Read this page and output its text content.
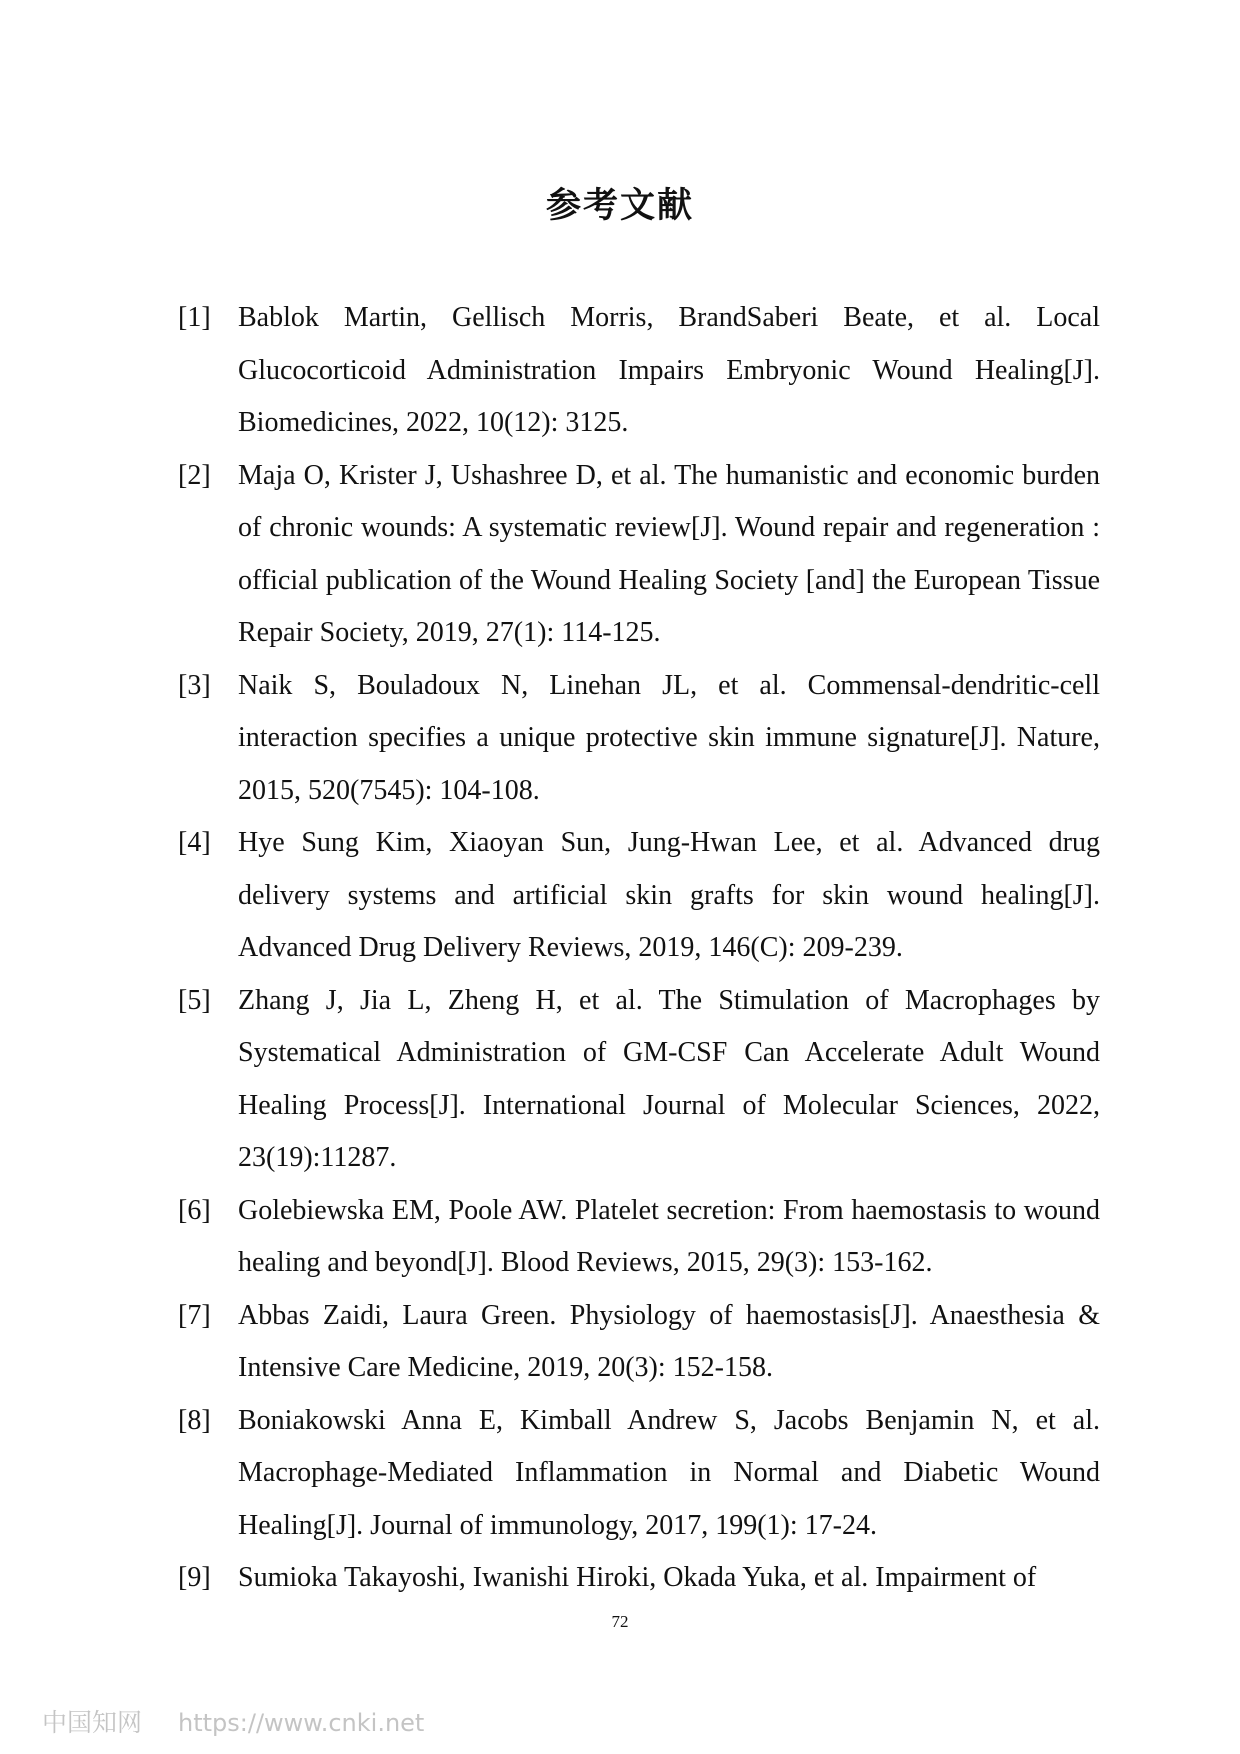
参考文献
[1] Bablok Martin, Gellisch Morris, BrandSaberi Beate, et al. Local Glucocorticoid Administration Impairs Embryonic Wound Healing[J]. Biomedicines, 2022, 10(12): 3125.
[2] Maja O, Krister J, Ushashree D, et al. The humanistic and economic burden of chronic wounds: A systematic review[J]. Wound repair and regeneration : official publication of the Wound Healing Society [and] the European Tissue Repair Society, 2019, 27(1): 114-125.
[3] Naik S, Bouladoux N, Linehan JL, et al. Commensal-dendritic-cell interaction specifies a unique protective skin immune signature[J]. Nature, 2015, 520(7545): 104-108.
[4] Hye Sung Kim, Xiaoyan Sun, Jung-Hwan Lee, et al. Advanced drug delivery systems and artificial skin grafts for skin wound healing[J]. Advanced Drug Delivery Reviews, 2019, 146(C): 209-239.
[5] Zhang J, Jia L, Zheng H, et al. The Stimulation of Macrophages by Systematical Administration of GM-CSF Can Accelerate Adult Wound Healing Process[J]. International Journal of Molecular Sciences, 2022, 23(19):11287.
[6] Golebiewska EM, Poole AW. Platelet secretion: From haemostasis to wound healing and beyond[J]. Blood Reviews, 2015, 29(3): 153-162.
[7] Abbas Zaidi, Laura Green. Physiology of haemostasis[J]. Anaesthesia & Intensive Care Medicine, 2019, 20(3): 152-158.
[8] Boniakowski Anna E, Kimball Andrew S, Jacobs Benjamin N, et al. Macrophage-Mediated Inflammation in Normal and Diabetic Wound Healing[J]. Journal of immunology, 2017, 199(1): 17-24.
[9] Sumioka Takayoshi, Iwanishi Hiroki, Okada Yuka, et al. Impairment of
72
中国知网 https://www.cnki.net
